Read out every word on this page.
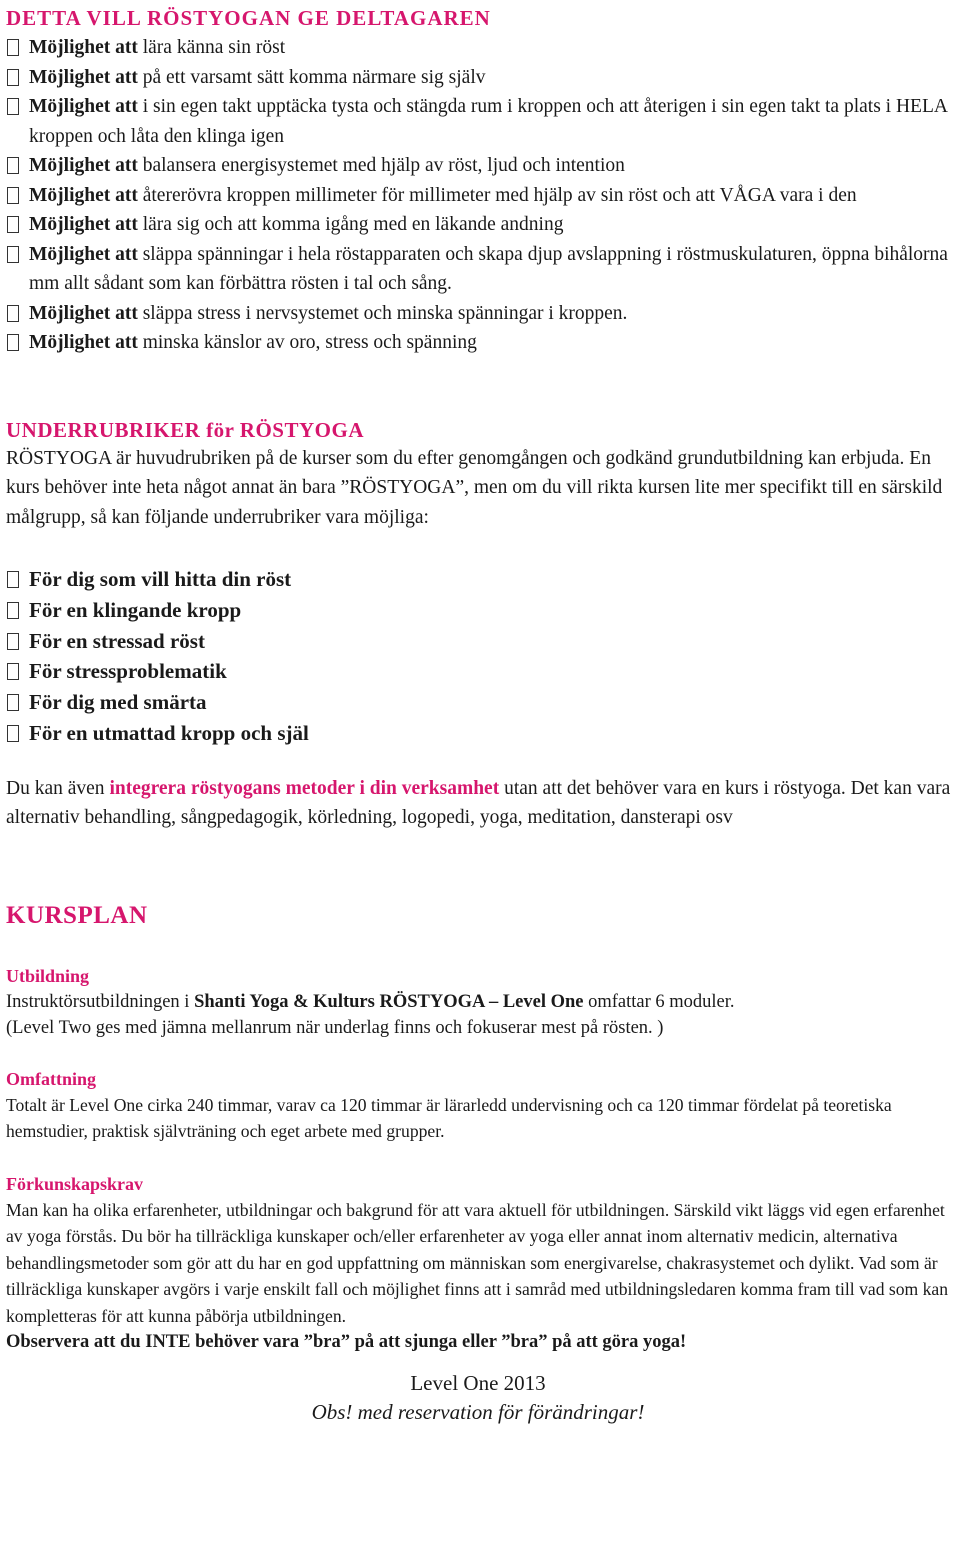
DETTA VILL RÖSTYOGAN GE DELTAGAREN
Möjlighet att lära känna sin röst
Möjlighet att på ett varsamt sätt komma närmare sig själv
Möjlighet att i sin egen takt upptäcka tysta och stängda rum i kroppen och att återigen i sin egen takt ta plats i HELA kroppen och låta den klinga igen
Möjlighet att balansera energisystemet med hjälp av röst, ljud och intention
Möjlighet att återerövra kroppen millimeter för millimeter med hjälp av sin röst och att VÅGA vara i den
Möjlighet att lära sig och att komma igång med en läkande andning
Möjlighet att släppa spänningar i hela röstapparaten och skapa djup avslappning i röstmuskulaturen, öppna bihålorna mm allt sådant som kan förbättra rösten i tal och sång.
Möjlighet att släppa stress i nervsystemet och minska spänningar i kroppen.
Möjlighet att minska känslor av oro, stress och spänning
UNDERRUBRIKER för RÖSTYOGA

RÖSTYOGA är huvudrubriken på de kurser som du efter genomgången och godkänd grundutbildning kan erbjuda. En kurs behöver inte heta något annat än bara ”RÖSTYOGA”, men om du vill rikta kursen lite mer specifikt till en särskild målgrupp, så kan följande underrubriker vara möjliga:

För dig som vill hitta din röst
För en klingande kropp
För en stressad röst
För stressproblematik
För dig med smärta
För en utmattad kropp och själ

Du kan även integrera röstyogans metoder i din verksamhet utan att det behöver vara en kurs i röstyoga. Det kan vara alternativ behandling, sångpedagogik, körledning, logopedi, yoga, meditation, dansterapi osv

KURSPLAN
Utbildning

Instruktörsutbildningen i Shanti Yoga & Kulturs RÖSTYOGA – Level One omfattar 6 moduler.

(Level Two ges med jämna mellanrum när underlag finns och fokuserar mest på rösten. )

Omfattning

Totalt är Level One cirka 240 timmar, varav ca 120 timmar är lärarledd undervisning och ca 120 timmar fördelat på teoretiska hemstudier, praktisk självträning och eget arbete med grupper.

Förkunskapskrav

Man kan ha olika erfarenheter, utbildningar och bakgrund för att vara aktuell för utbildningen. Särskild vikt läggs vid egen erfarenhet av yoga förstås. Du bör ha tillräckliga kunskaper och/eller erfarenheter av yoga eller annat inom alternativ medicin, alternativa behandlingsmetoder som gör att du har en god uppfattning om människan som energivarelse, chakrasystemet och dylikt. Vad som är tillräckliga kunskaper avgörs i varje enskilt fall och möjlighet finns att i samråd med utbildningsledaren komma fram till vad som kan kompletteras för att kunna påbörja utbildningen.

Observera att du INTE behöver vara ”bra” på att sjunga eller ”bra” på att göra yoga!

Level One 2013
Obs! med reservation för förändringar!
